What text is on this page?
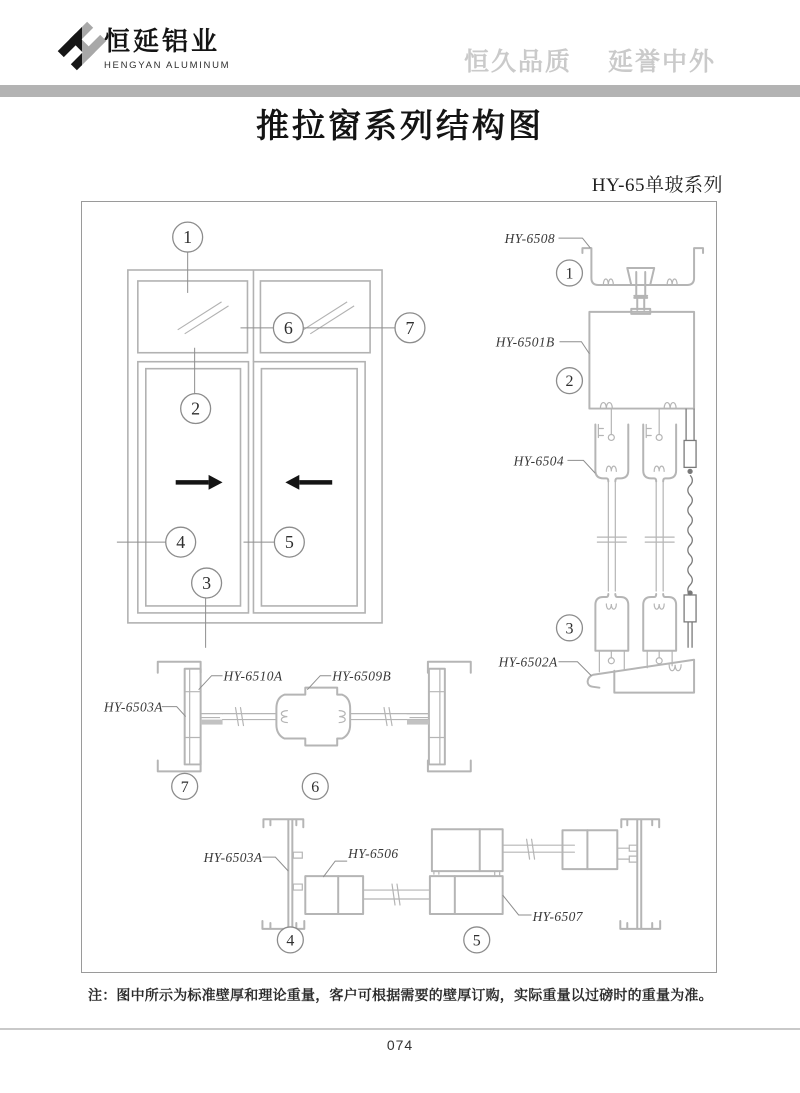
恒延铝业
HENGYAN ALUMINUM	恒久品质 延誉中外
推拉窗系列结构图
HY-65单玻系列
1
2
6	7
4	5
3
HY-6508
1
HY-6501B
2
HY-6504
3
HY-6502A
HY-6510A
HY-6503A
HY-6509B
7	6
HY-6503A	HY-6506
HY-6507
4	5
注：图中所示为标准壁厚和理论重量，客户可根据需要的壁厚订购，实际重量以过磅时的重量为准。
074
